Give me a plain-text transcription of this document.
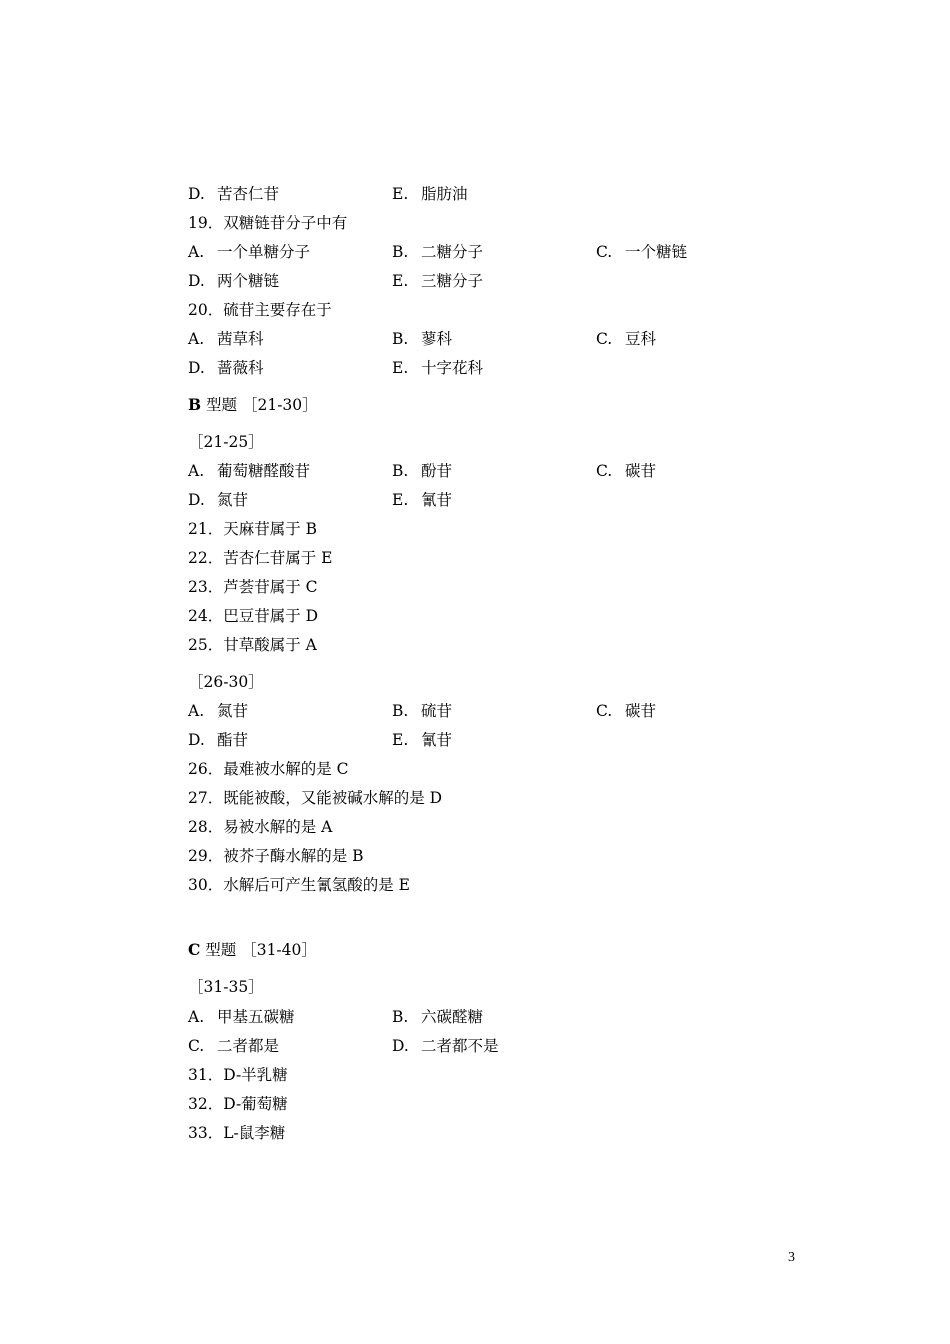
D. 苦杏仁苷	E. 脂肪油
19．双糖链苷分子中有
A. 一个单糖分子	B. 二糖分子	C. 一个糖链
D. 两个糖链	E. 三糖分子
20．硫苷主要存在于
A. 茜草科	B. 蓼科	C. 豆科
D. 蔷薇科	E. 十字花科
B 型题 ［21-30］
［21-25］
A. 葡萄糖醛酸苷	B. 酚苷	C. 碳苷
D. 氮苷	E. 氰苷
21．天麻苷属于 B
22．苦杏仁苷属于 E
23．芦荟苷属于 C
24．巴豆苷属于 D
25．甘草酸属于 A
［26-30］
A. 氮苷	B. 硫苷	C. 碳苷
D. 酯苷	E. 氰苷
26．最难被水解的是 C
27．既能被酸，又能被碱水解的是 D
28．易被水解的是 A
29．被芥子酶水解的是 B
30．水解后可产生氰氢酸的是 E
C 型题 ［31-40］
［31-35］
A. 甲基五碳糖	B. 六碳醛糖
C. 二者都是	D. 二者都不是
31．D-半乳糖
32．D-葡萄糖
33．L-鼠李糖
3
